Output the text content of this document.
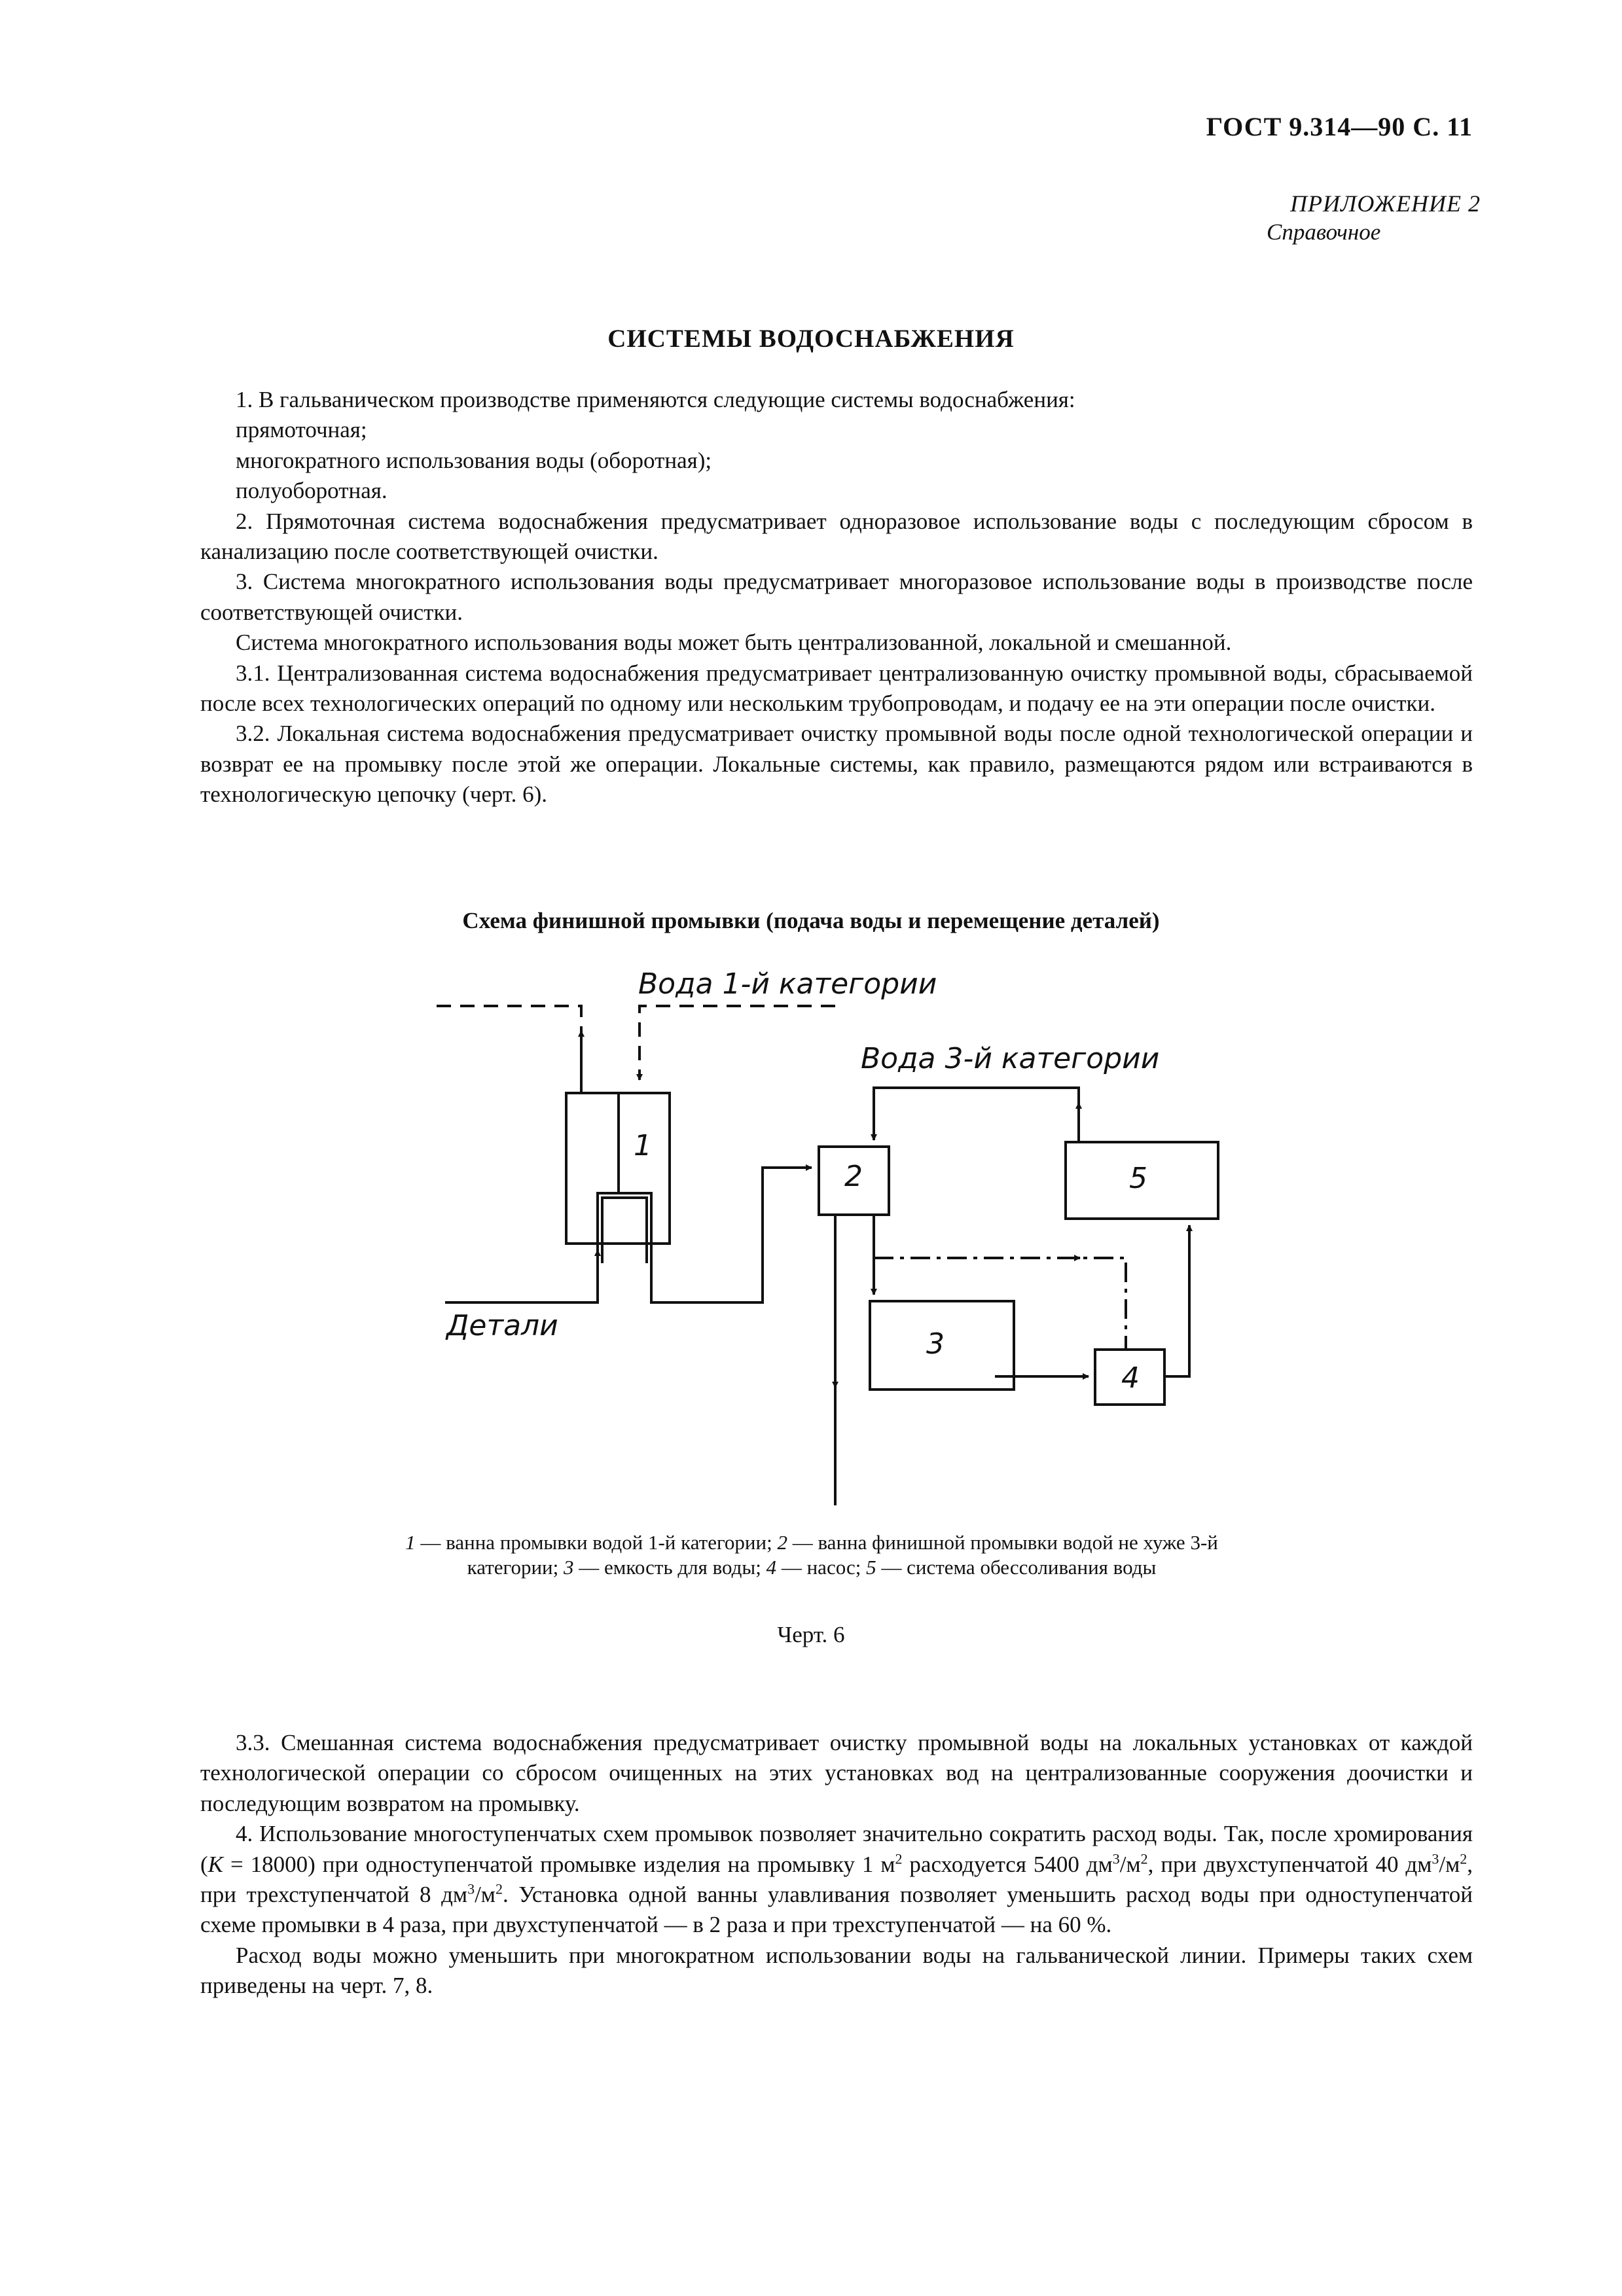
ГОСТ 9.314—90 С. 11
ПРИЛОЖЕНИЕ 2
Справочное
СИСТЕМЫ ВОДОСНАБЖЕНИЯ

1. В гальваническом производстве применяются следующие системы водоснабжения:

прямоточная;

многократного использования воды (оборотная);

полуоборотная.

2. Прямоточная система водоснабжения предусматривает одноразовое использование воды с последующим сбросом в канализацию после соответствующей очистки.

3. Система многократного использования воды предусматривает многоразовое использование воды в производстве после соответствующей очистки.

Система многократного использования воды может быть централизованной, локальной и смешанной.

3.1. Централизованная система водоснабжения предусматривает централизованную очистку промывной воды, сбрасываемой после всех технологических операций по одному или нескольким трубопроводам, и подачу ее на эти операции после очистки.

3.2. Локальная система водоснабжения предусматривает очистку промывной воды после одной технологической операции и возврат ее на промывку после этой же операции. Локальные системы, как правило, размещаются рядом или встраиваются в технологическую цепочку (черт. 6).

Схема финишной промывки (подача воды и перемещение деталей)
Вода 1-й категории
Вода 3-й категории
Детали
1
2
3
4
5
1 — ванна промывки водой 1-й категории; 2 — ванна финишной промывки водой не хуже 3-й категории; 3 — емкость для воды; 4 — насос; 5 — система обессоливания воды
Черт. 6

3.3. Смешанная система водоснабжения предусматривает очистку промывной воды на локальных установках от каждой технологической операции со сбросом очищенных на этих установках вод на централизованные сооружения доочистки и последующим возвратом на промывку.

4. Использование многоступенчатых схем промывок позволяет значительно сократить расход воды. Так, после хромирования (K = 18000) при одноступенчатой промывке изделия на промывку 1 $м^2$ расходуется 5400 $дм^3/м^2$, при двухступенчатой 40 $дм^3/м^2$, при трехступенчатой 8 $дм^3/м^2$. Установка одной ванны улавливания позволяет уменьшить расход воды при одноступенчатой схеме промывки в 4 раза, при двухступенчатой — в 2 раза и при трехступенчатой — на 60 %.

Расход воды можно уменьшить при многократном использовании воды на гальванической линии. Примеры таких схем приведены на черт. 7, 8.
